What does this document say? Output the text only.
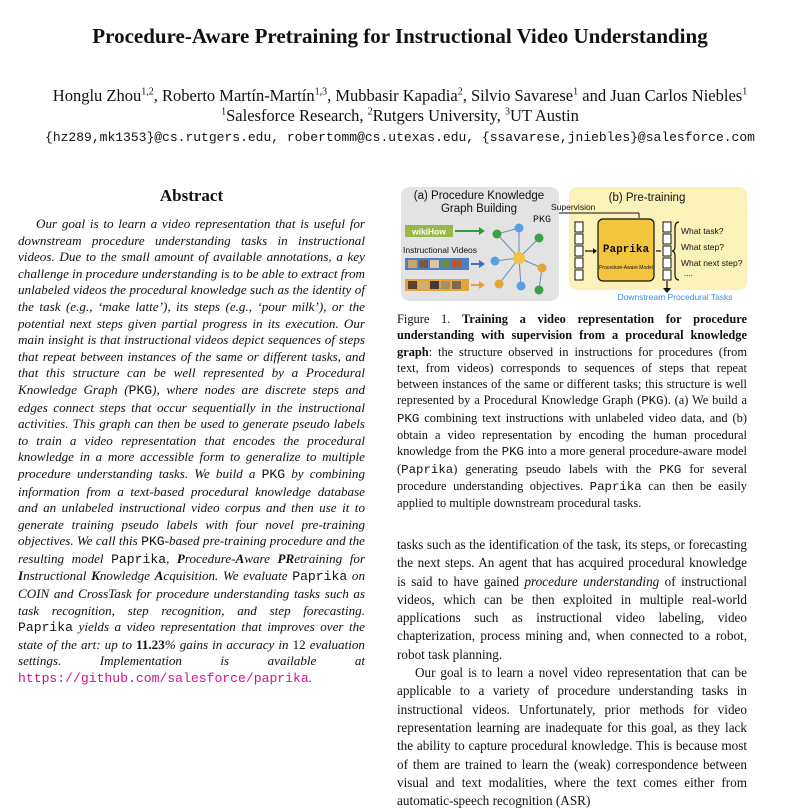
Procedure-Aware Pretraining for Instructional Video Understanding
Honglu Zhou$^{1,2}$, Roberto Martín-Martín$^{1,3}$, Mubbasir Kapadia$^2$, Silvio Savarese$^1$ and Juan Carlos Niebles$^1$
$^1$Salesforce Research, $^2$Rutgers University, $^3$UT Austin
{hz289,mk1353}@cs.rutgers.edu, robertomm@cs.utexas.edu, {ssavarese,jniebles}@salesforce.com
Abstract

Our goal is to learn a video representation that is useful for downstream procedure understanding tasks in instructional videos. Due to the small amount of available annotations, a key challenge in procedure understanding is to be able to extract from unlabeled videos the procedural knowledge such as the identity of the task (e.g., ‘make latte’), its steps (e.g., ‘pour milk’), or the potential next steps given partial progress in its execution. Our main insight is that instructional videos depict sequences of steps that repeat between instances of the same or different tasks, and that this structure can be well represented by a Procedural Knowledge Graph (PKG), where nodes are discrete steps and edges connect steps that occur sequentially in the instructional activities. This graph can then be used to generate pseudo labels to train a video representation that encodes the procedural knowledge in a more accessible form to generalize to multiple procedure understanding tasks. We build a PKG by combining information from a text-based procedural knowledge database and an unlabeled instructional video corpus and then use it to generate training pseudo labels with four novel pre-training objectives. We call this PKG-based pre-training procedure and the resulting model Paprika, Procedure-Aware PRetraining for Instructional Knowledge Acquisition. We evaluate Paprika on COIN and CrossTask for procedure understanding tasks such as task recognition, step recognition, and step forecasting. Paprika yields a video representation that improves over the state of the art: up to 11.23% gains in accuracy in 12 evaluation settings. Implementation is available at https://github.com/salesforce/paprika.

(a) Procedure Knowledge Graph Building
(b) Pre-training
wikiHow
Instructional Videos
PKG
Supervision
Paprika
Procedure-Aware Model
What task?
What step?
What next step?
....
Downstream Procedural Tasks

Figure 1. Training a video representation for procedure understanding with supervision from a procedural knowledge graph: the structure observed in instructions for procedures (from text, from videos) corresponds to sequences of steps that repeat between instances of the same or different tasks; this structure is well represented by a Procedural Knowledge Graph (PKG). (a) We build a PKG combining text instructions with unlabeled video data, and (b) obtain a video representation by encoding the human procedural knowledge from the PKG into a more general procedure-aware model (Paprika) generating pseudo labels with the PKG for several procedure understanding objectives. Paprika can then be easily applied to multiple downstream procedural tasks.

tasks such as the identification of the task, its steps, or forecasting the next steps. An agent that has acquired procedural knowledge is said to have gained procedure understanding of instructional videos, which can be then exploited in multiple real-world applications such as instructional video labeling, video chapterization, process mining and, when connected to a robot, robot task planning.

Our goal is to learn a novel video representation that can be applicable to a variety of procedure understanding tasks in instructional videos. Unfortunately, prior methods for video representation learning are inadequate for this goal, as they lack the ability to capture procedural knowledge. This is because most of them are trained to learn the (weak) correspondence between visual and text modalities, where the text comes either from automatic-speech recognition (ASR)
